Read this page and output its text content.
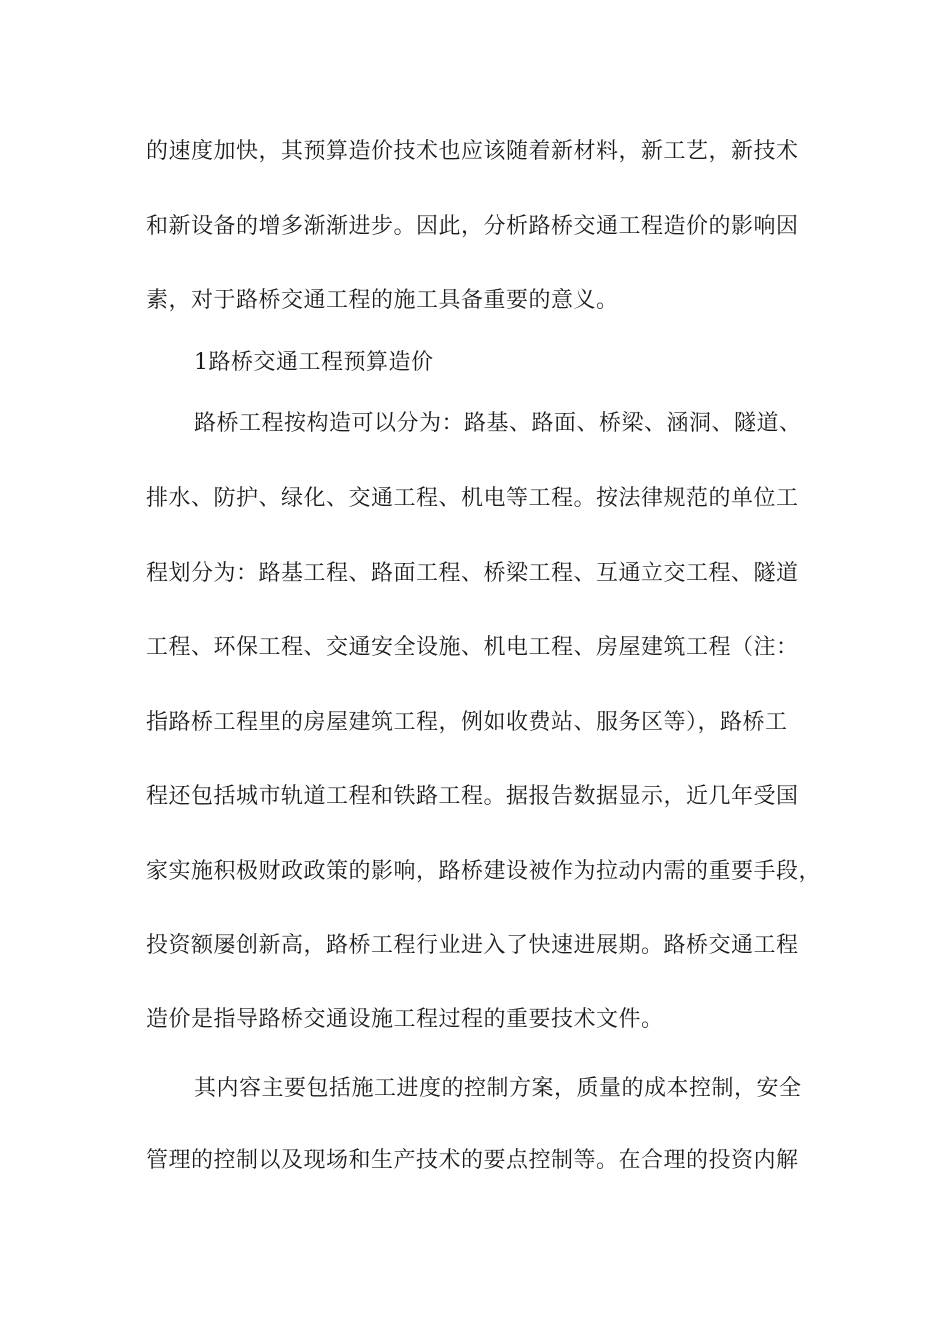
的速度加快，其预算造价技术也应该随着新材料，新工艺，新技术
和新设备的增多渐渐进步。因此，分析路桥交通工程造价的影响因
素，对于路桥交通工程的施工具备重要的意义。
1路桥交通工程预算造价
路桥工程按构造可以分为：路基、路面、桥梁、涵洞、隧道、
排水、防护、绿化、交通工程、机电等工程。按法律规范的单位工
程划分为：路基工程、路面工程、桥梁工程、互通立交工程、隧道
工程、环保工程、交通安全设施、机电工程、房屋建筑工程（注：
指路桥工程里的房屋建筑工程，例如收费站、服务区等），路桥工
程还包括城市轨道工程和铁路工程。据报告数据显示，近几年受国
家实施积极财政政策的影响，路桥建设被作为拉动内需的重要手段，
投资额屡创新高，路桥工程行业进入了快速进展期。路桥交通工程
造价是指导路桥交通设施工程过程的重要技术文件。
其内容主要包括施工进度的控制方案，质量的成本控制，安全
管理的控制以及现场和生产技术的要点控制等。在合理的投资内解
